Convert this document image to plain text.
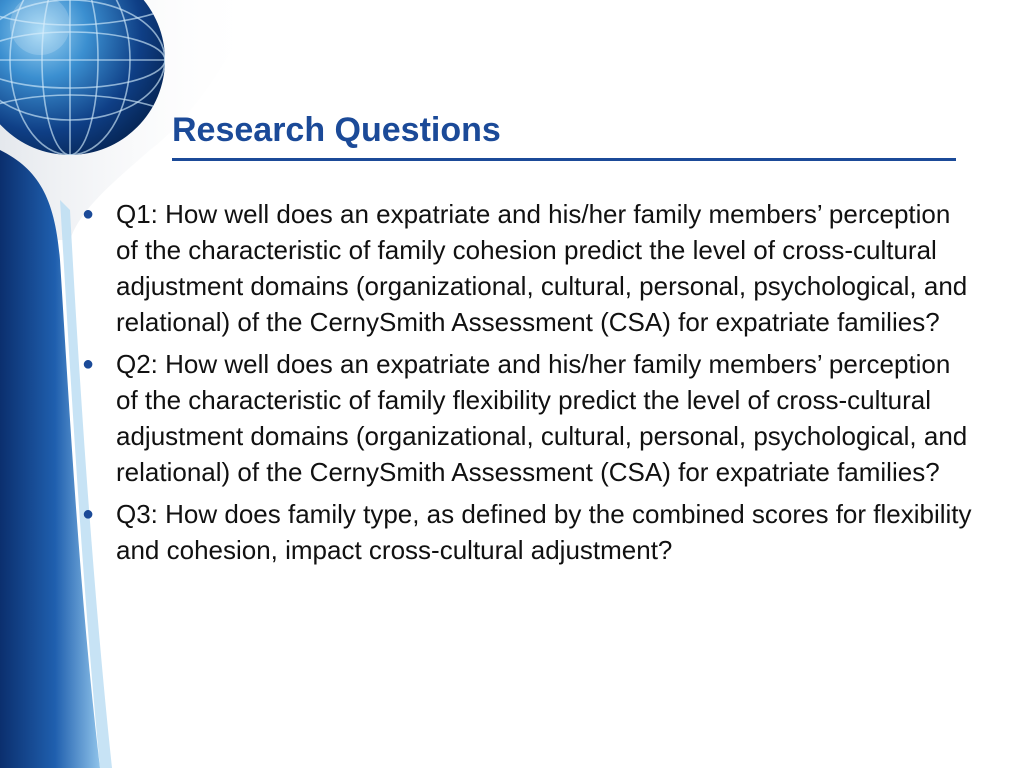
Research Questions
● Q1: How well does an expatriate and his/her family members’ perception of the characteristic of family cohesion predict the level of cross-cultural adjustment domains (organizational, cultural, personal, psychological, and relational) of the CernySmith Assessment (CSA) for expatriate families?
● Q2: How well does an expatriate and his/her family members’ perception of the characteristic of family flexibility predict the level of cross-cultural adjustment domains (organizational, cultural, personal, psychological, and relational) of the CernySmith Assessment (CSA) for expatriate families?
● Q3: How does family type, as defined by the combined scores for flexibility and cohesion, impact cross-cultural adjustment?
